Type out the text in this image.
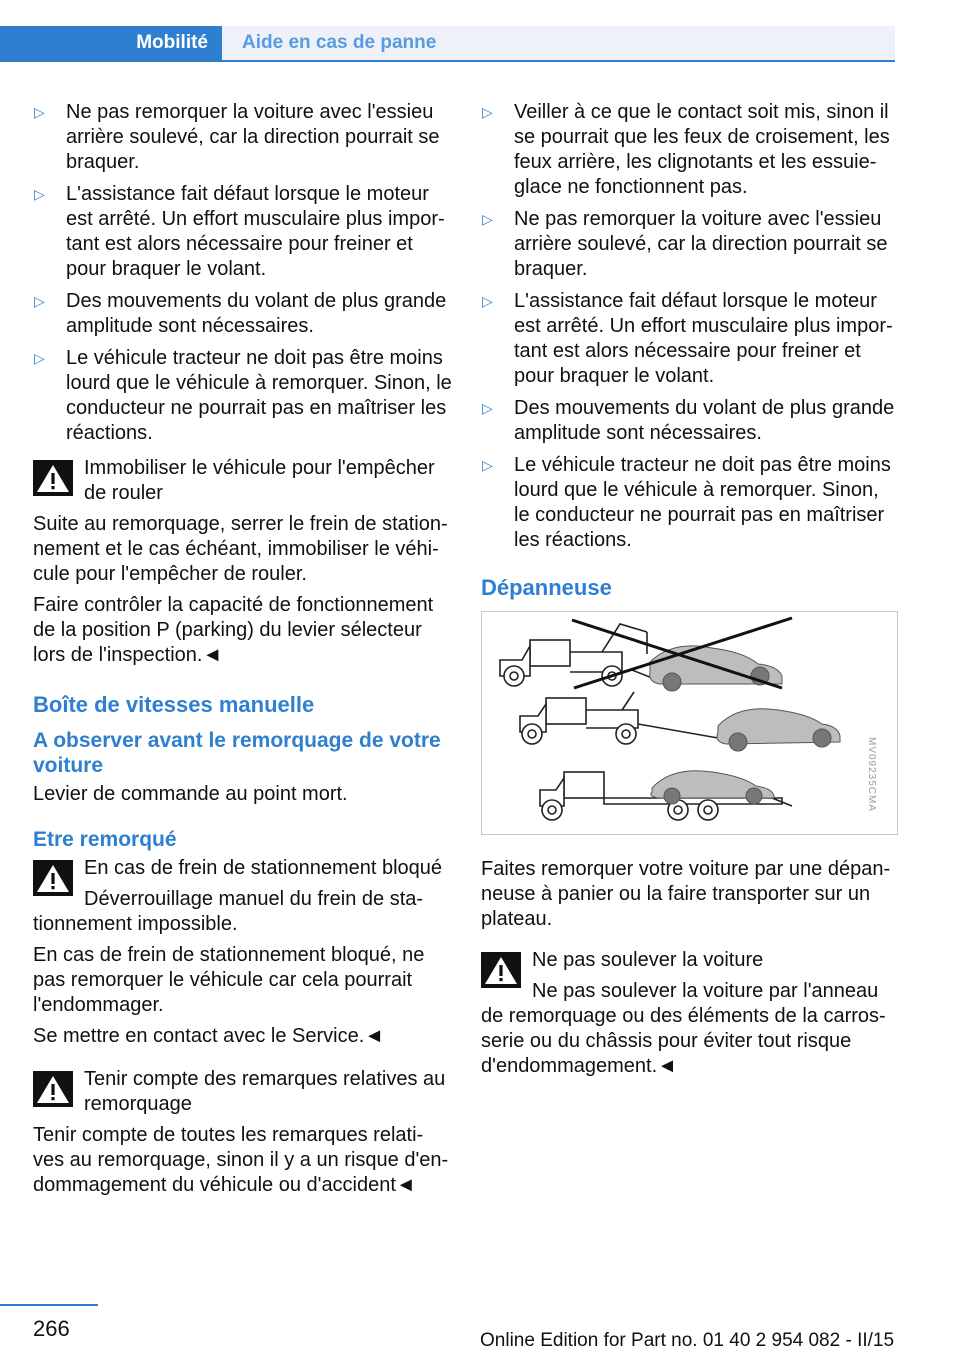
Mobilité	Aide en cas de panne
▷ Ne pas remorquer la voiture avec l'essieu arrière soulevé, car la direction pourrait se braquer.
▷ L'assistance fait défaut lorsque le moteur est arrêté. Un effort musculaire plus impor-tant est alors nécessaire pour freiner et pour braquer le volant.
▷ Des mouvements du volant de plus grande amplitude sont nécessaires.
▷ Le véhicule tracteur ne doit pas être moins lourd que le véhicule à remorquer. Sinon, le conducteur ne pourrait pas en maîtriser les réactions.
Immobiliser le véhicule pour l'empêcher de rouler
Suite au remorquage, serrer le frein de station-nement et le cas échéant, immobiliser le véhi-cule pour l'empêcher de rouler.
Faire contrôler la capacité de fonctionnement de la position P (parking) du levier sélecteur lors de l'inspection.◄
Boîte de vitesses manuelle
A observer avant le remorquage de votre voiture
Levier de commande au point mort.
Etre remorqué
En cas de frein de stationnement bloqué
Déverrouillage manuel du frein de sta-tionnement impossible.
En cas de frein de stationnement bloqué, ne pas remorquer le véhicule car cela pourrait l'endommager.
Se mettre en contact avec le Service.◄
Tenir compte des remarques relatives au remorquage
Tenir compte de toutes les remarques relati-ves au remorquage, sinon il y a un risque d'en-dommagement du véhicule ou d'accident◄
▷ Veiller à ce que le contact soit mis, sinon il se pourrait que les feux de croisement, les feux arrière, les clignotants et les essuie-glace ne fonctionnent pas.
▷ Ne pas remorquer la voiture avec l'essieu arrière soulevé, car la direction pourrait se braquer.
▷ L'assistance fait défaut lorsque le moteur est arrêté. Un effort musculaire plus impor-tant est alors nécessaire pour freiner et pour braquer le volant.
▷ Des mouvements du volant de plus grande amplitude sont nécessaires.
▷ Le véhicule tracteur ne doit pas être moins lourd que le véhicule à remorquer. Sinon, le conducteur ne pourrait pas en maîtriser les réactions.
Dépanneuse
MV09235CMA
Faites remorquer votre voiture par une dépan-neuse à panier ou la faire transporter sur un plateau.
Ne pas soulever la voiture
Ne pas soulever la voiture par l'anneau de remorquage ou des éléments de la carros-serie ou du châssis pour éviter tout risque d'endommagement.◄
266	Online Edition for Part no. 01 40 2 954 082 - II/15
